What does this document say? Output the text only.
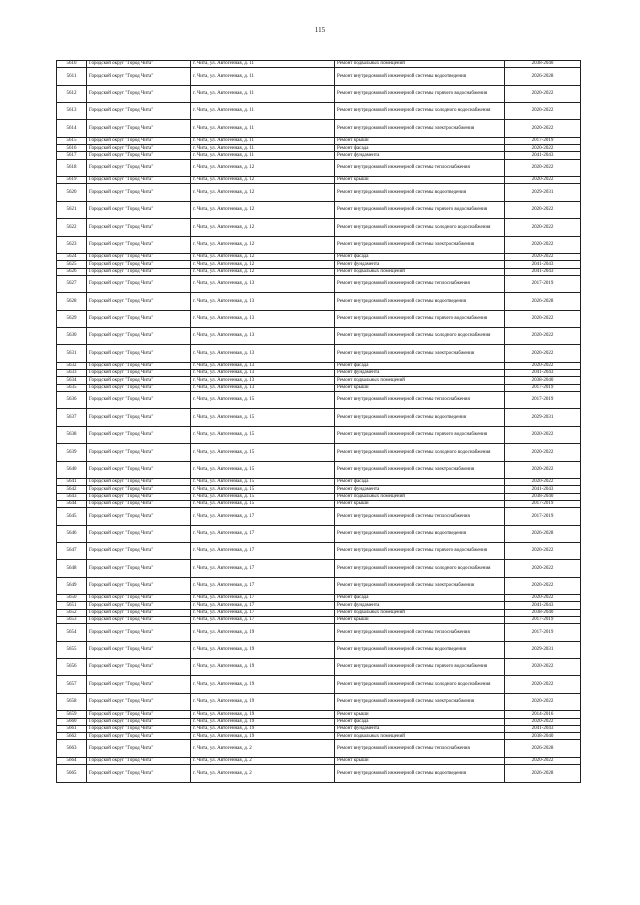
115
5610	Городской округ "Город Чита"	г. Чита, ул. Автогенная, д. 11	Ремонт подвальных помещений	2038-2040
5611	Городской округ "Город Чита"	г. Чита, ул. Автогенная, д. 11	Ремонт внутридомовой инженерной системы водоотведения	2026-2028
5612	Городской округ "Город Чита"	г. Чита, ул. Автогенная, д. 11	Ремонт внутридомовой инженерной системы горячего водоснабжения	2020-2022
5613	Городской округ "Город Чита"	г. Чита, ул. Автогенная, д. 11	Ремонт внутридомовой инженерной системы холодного водоснабжения	2020-2022
5614	Городской округ "Город Чита"	г. Чита, ул. Автогенная, д. 11	Ремонт внутридомовой инженерной системы электроснабжения	2020-2022
5615	Городской округ "Город Чита"	г. Чита, ул. Автогенная, д. 11	Ремонт крыши	2017-2019
5616	Городской округ "Город Чита"	г. Чита, ул. Автогенная, д. 11	Ремонт фасада	2020-2022
5617	Городской округ "Город Чита"	г. Чита, ул. Автогенная, д. 11	Ремонт фундамента	2041-2043
5618	Городской округ "Город Чита"	г. Чита, ул. Автогенная, д. 12	Ремонт внутридомовой инженерной системы теплоснабжения	2020-2022
5619	Городской округ "Город Чита"	г. Чита, ул. Автогенная, д. 12	Ремонт крыши	2020-2022
5620	Городской округ "Город Чита"	г. Чита, ул. Автогенная, д. 12	Ремонт внутридомовой инженерной системы водоотведения	2029-2031
5621	Городской округ "Город Чита"	г. Чита, ул. Автогенная, д. 12	Ремонт внутридомовой инженерной системы горячего водоснабжения	2020-2022
5622	Городской округ "Город Чита"	г. Чита, ул. Автогенная, д. 12	Ремонт внутридомовой инженерной системы холодного водоснабжения	2020-2022
5623	Городской округ "Город Чита"	г. Чита, ул. Автогенная, д. 12	Ремонт внутридомовой инженерной системы электроснабжения	2020-2022
5624	Городской округ "Город Чита"	г. Чита, ул. Автогенная, д. 12	Ремонт фасада	2020-2022
5625	Городской округ "Город Чита"	г. Чита, ул. Автогенная, д. 12	Ремонт фундамента	2041-2043
5626	Городской округ "Город Чита"	г. Чита, ул. Автогенная, д. 12	Ремонт подвальных помещений	2041-2043
5627	Городской округ "Город Чита"	г. Чита, ул. Автогенная, д. 13	Ремонт внутридомовой инженерной системы теплоснабжения	2017-2019
5628	Городской округ "Город Чита"	г. Чита, ул. Автогенная, д. 13	Ремонт внутридомовой инженерной системы водоотведения	2026-2028
5629	Городской округ "Город Чита"	г. Чита, ул. Автогенная, д. 13	Ремонт внутридомовой инженерной системы горячего водоснабжения	2020-2022
5630	Городской округ "Город Чита"	г. Чита, ул. Автогенная, д. 13	Ремонт внутридомовой инженерной системы холодного водоснабжения	2020-2022
5631	Городской округ "Город Чита"	г. Чита, ул. Автогенная, д. 13	Ремонт внутридомовой инженерной системы электроснабжения	2020-2022
5632	Городской округ "Город Чита"	г. Чита, ул. Автогенная, д. 13	Ремонт фасада	2020-2022
5633	Городской округ "Город Чита"	г. Чита, ул. Автогенная, д. 13	Ремонт фундамента	2041-2043
5634	Городской округ "Город Чита"	г. Чита, ул. Автогенная, д. 13	Ремонт подвальных помещений	2038-2040
5635	Городской округ "Город Чита"	г. Чита, ул. Автогенная, д. 13	Ремонт крыши	2017-2019
5636	Городской округ "Город Чита"	г. Чита, ул. Автогенная, д. 15	Ремонт внутридомовой инженерной системы теплоснабжения	2017-2019
5637	Городской округ "Город Чита"	г. Чита, ул. Автогенная, д. 15	Ремонт внутридомовой инженерной системы водоотведения	2029-2031
5638	Городской округ "Город Чита"	г. Чита, ул. Автогенная, д. 15	Ремонт внутридомовой инженерной системы горячего водоснабжения	2020-2022
5639	Городской округ "Город Чита"	г. Чита, ул. Автогенная, д. 15	Ремонт внутридомовой инженерной системы холодного водоснабжения	2020-2022
5640	Городской округ "Город Чита"	г. Чита, ул. Автогенная, д. 15	Ремонт внутридомовой инженерной системы электроснабжения	2020-2022
5641	Городской округ "Город Чита"	г. Чита, ул. Автогенная, д. 15	Ремонт фасада	2020-2022
5642	Городской округ "Город Чита"	г. Чита, ул. Автогенная, д. 15	Ремонт фундамента	2041-2043
5643	Городской округ "Город Чита"	г. Чита, ул. Автогенная, д. 15	Ремонт подвальных помещений	2038-2040
5644	Городской округ "Город Чита"	г. Чита, ул. Автогенная, д. 15	Ремонт крыши	2017-2019
5645	Городской округ "Город Чита"	г. Чита, ул. Автогенная, д. 17	Ремонт внутридомовой инженерной системы теплоснабжения	2017-2019
5646	Городской округ "Город Чита"	г. Чита, ул. Автогенная, д. 17	Ремонт внутридомовой инженерной системы водоотведения	2026-2028
5647	Городской округ "Город Чита"	г. Чита, ул. Автогенная, д. 17	Ремонт внутридомовой инженерной системы горячего водоснабжения	2020-2022
5648	Городской округ "Город Чита"	г. Чита, ул. Автогенная, д. 17	Ремонт внутридомовой инженерной системы холодного водоснабжения	2020-2022
5649	Городской округ "Город Чита"	г. Чита, ул. Автогенная, д. 17	Ремонт внутридомовой инженерной системы электроснабжения	2020-2022
5650	Городской округ "Город Чита"	г. Чита, ул. Автогенная, д. 17	Ремонт фасада	2020-2022
5651	Городской округ "Город Чита"	г. Чита, ул. Автогенная, д. 17	Ремонт фундамента	2041-2043
5652	Городской округ "Город Чита"	г. Чита, ул. Автогенная, д. 17	Ремонт подвальных помещений	2038-2040
5653	Городской округ "Город Чита"	г. Чита, ул. Автогенная, д. 17	Ремонт крыши	2017-2019
5654	Городской округ "Город Чита"	г. Чита, ул. Автогенная, д. 19	Ремонт внутридомовой инженерной системы теплоснабжения	2017-2019
5655	Городской округ "Город Чита"	г. Чита, ул. Автогенная, д. 19	Ремонт внутридомовой инженерной системы водоотведения	2029-2031
5656	Городской округ "Город Чита"	г. Чита, ул. Автогенная, д. 19	Ремонт внутридомовой инженерной системы горячего водоснабжения	2020-2022
5657	Городской округ "Город Чита"	г. Чита, ул. Автогенная, д. 19	Ремонт внутридомовой инженерной системы холодного водоснабжения	2020-2022
5658	Городской округ "Город Чита"	г. Чита, ул. Автогенная, д. 19	Ремонт внутридомовой инженерной системы электроснабжения	2020-2022
5659	Городской округ "Город Чита"	г. Чита, ул. Автогенная, д. 19	Ремонт крыши	2014-2016
5660	Городской округ "Город Чита"	г. Чита, ул. Автогенная, д. 19	Ремонт фасада	2020-2022
5661	Городской округ "Город Чита"	г. Чита, ул. Автогенная, д. 19	Ремонт фундамента	2041-2043
5662	Городской округ "Город Чита"	г. Чита, ул. Автогенная, д. 19	Ремонт подвальных помещений	2038-2040
5663	Городской округ "Город Чита"	г. Чита, ул. Автогенная, д. 2	Ремонт внутридомовой инженерной системы теплоснабжения	2026-2028
5664	Городской округ "Город Чита"	г. Чита, ул. Автогенная, д. 2	Ремонт крыши	2020-2022
5665	Городской округ "Город Чита"	г. Чита, ул. Автогенная, д. 2	Ремонт внутридомовой инженерной системы водоотведения	2026-2028
